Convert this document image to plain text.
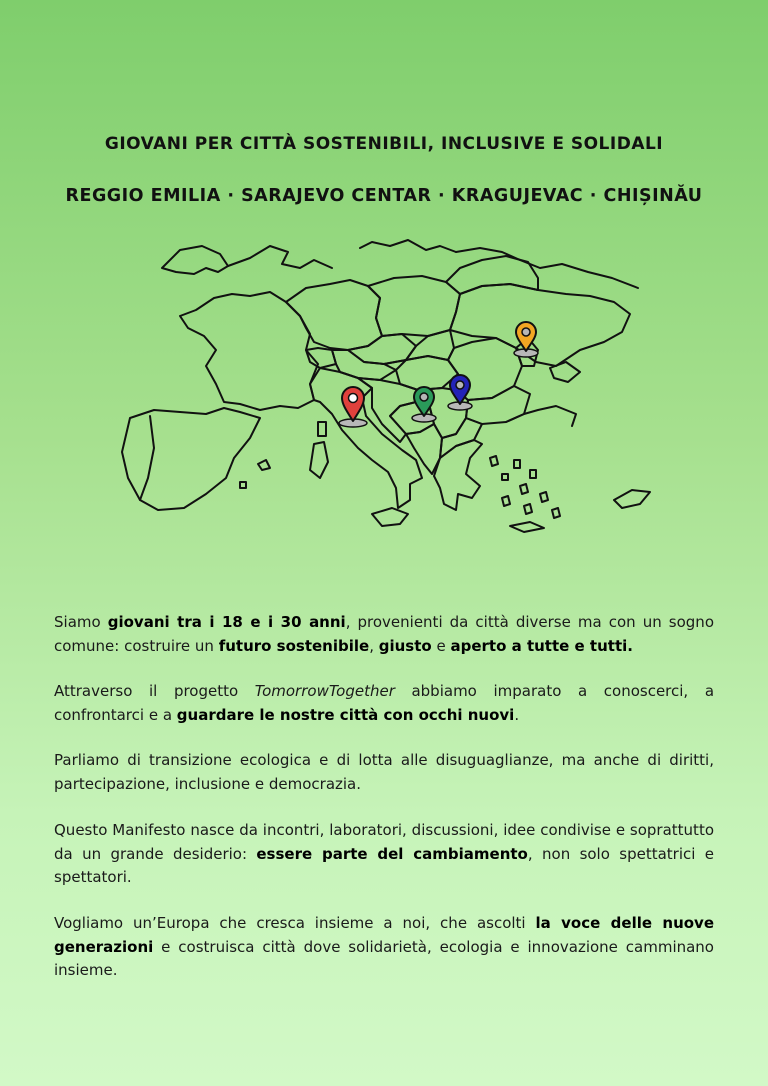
GIOVANI PER CITTÀ SOSTENIBILI, INCLUSIVE E SOLIDALI
REGGIO EMILIA · SARAJEVO CENTAR · KRAGUJEVAC · CHIȘINĂU

Siamo giovani tra i 18 e i 30 anni, provenienti da città diverse ma con un sogno comune: costruire un futuro sostenibile, giusto e aperto a tutte e tutti.

Attraverso il progetto TomorrowTogether abbiamo imparato a conoscerci, a confrontarci e a guardare le nostre città con occhi nuovi.

Parliamo di transizione ecologica e di lotta alle disuguaglianze, ma anche di diritti, partecipazione, inclusione e democrazia.

Questo Manifesto nasce da incontri, laboratori, discussioni, idee condivise e soprattutto da un grande desiderio: essere parte del cambiamento, non solo spettatrici e spettatori.

Vogliamo un’Europa che cresca insieme a noi, che ascolti la voce delle nuove generazioni e costruisca città dove solidarietà, ecologia e innovazione camminano insieme.
